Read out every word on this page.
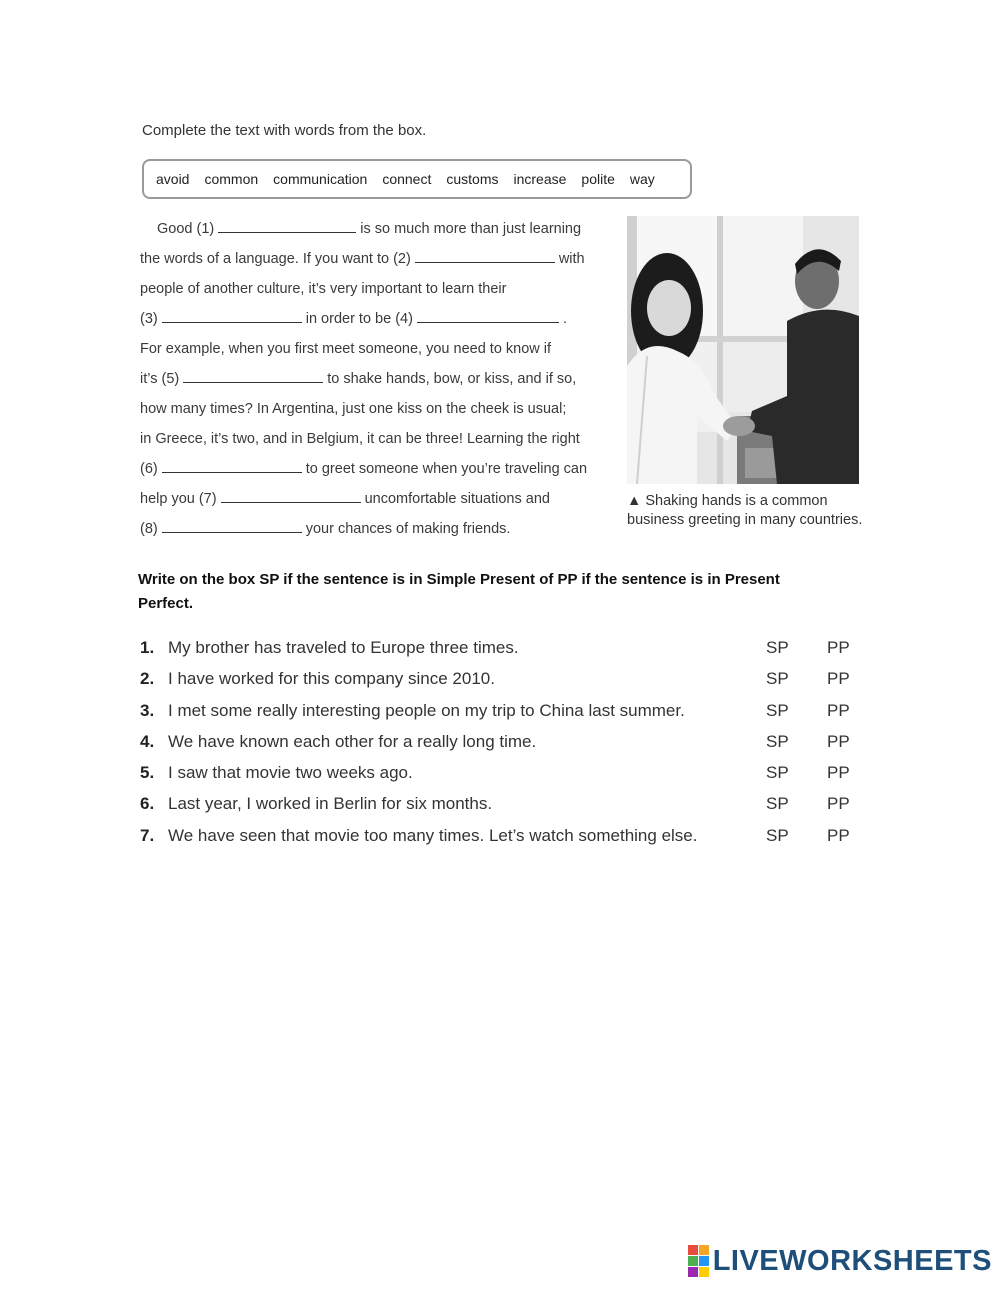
Complete the text with words from the box.
avoid common communication connect customs increase polite way
Good (1)	is so much more than just learning
the words of a language. If you want to (2)	with
people of another culture, it’s very important to learn their
(3)	in order to be (4)	.
For example, when you first meet someone, you need to know if
it’s (5)	to shake hands, bow, or kiss, and if so,
how many times? In Argentina, just one kiss on the cheek is usual;
in Greece, it’s two, and in Belgium, it can be three! Learning the right
(6)	to greet someone when you’re traveling can
help you (7)	uncomfortable situations and
(8)	your chances of making friends.
▲ Shaking hands is a common business greeting in many countries.
Write on the box SP if the sentence is in Simple Present of PP if the sentence is in Present Perfect.
1. My brother has traveled to Europe three times.	SP PP
2. I have worked for this company since 2010.	SP PP
3. I met some really interesting people on my trip to China last summer.	SP PP
4. We have known each other for a really long time.	SP PP
5. I saw that movie two weeks ago.	SP PP
6. Last year, I worked in Berlin for six months.	SP PP
7. We have seen that movie too many times. Let’s watch something else.	SP PP
LIVEWORKSHEETS
